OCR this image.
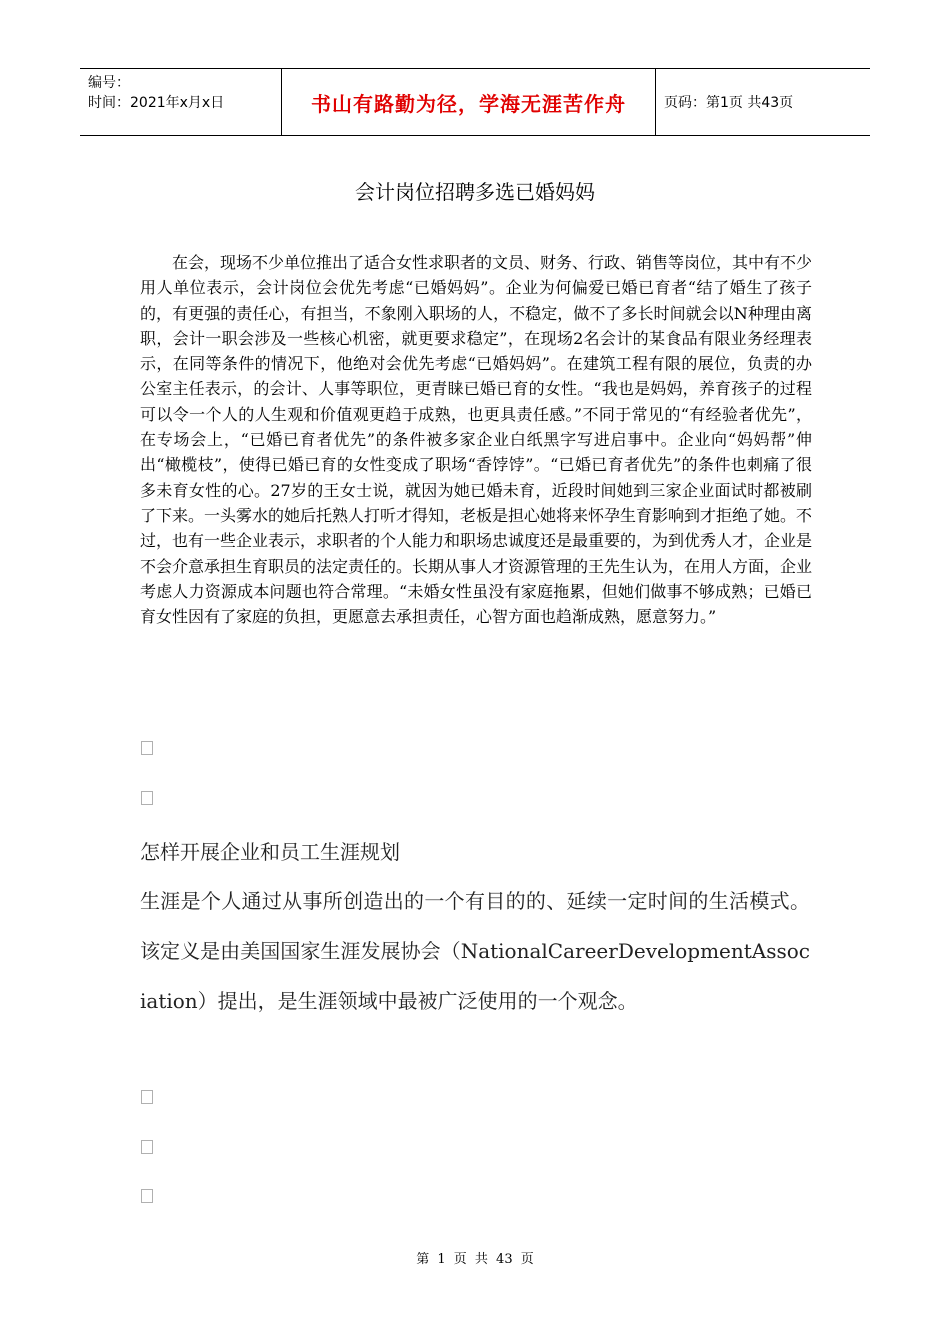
编号：
时间：2021年x月x日	书山有路勤为径，学海无涯苦作舟	页码：第1页 共43页
会计岗位招聘多选已婚妈妈

在会，现场不少单位推出了适合女性求职者的文员、财务、行政、销售等岗位，其中有不少用人单位表示，会计岗位会优先考虑“已婚妈妈”。企业为何偏爱已婚已育者“结了婚生了孩子的，有更强的责任心，有担当，不象刚入职场的人，不稳定，做不了多长时间就会以N种理由离职，会计一职会涉及一些核心机密，就更要求稳定”，在现场2名会计的某食品有限业务经理表示，在同等条件的情况下，他绝对会优先考虑“已婚妈妈”。在建筑工程有限的展位，负责的办公室主任表示，的会计、人事等职位，更青睐已婚已育的女性。“我也是妈妈，养育孩子的过程可以令一个人的人生观和价值观更趋于成熟，也更具责任感。”不同于常见的“有经验者优先”，在专场会上，“已婚已育者优先”的条件被多家企业白纸黑字写进启事中。企业向“妈妈帮”伸出“橄榄枝”，使得已婚已育的女性变成了职场“香饽饽”。“已婚已育者优先”的条件也刺痛了很多未育女性的心。27岁的王女士说，就因为她已婚未育，近段时间她到三家企业面试时都被刷了下来。一头雾水的她后托熟人打听才得知，老板是担心她将来怀孕生育影响到才拒绝了她。不过，也有一些企业表示，求职者的个人能力和职场忠诚度还是最重要的，为到优秀人才，企业是不会介意承担生育职员的法定责任的。长期从事人才资源管理的王先生认为，在用人方面，企业考虑人力资源成本问题也符合常理。“未婚女性虽没有家庭拖累，但她们做事不够成熟；已婚已育女性因有了家庭的负担，更愿意去承担责任，心智方面也趋渐成熟，愿意努力。”

怎样开展企业和员工生涯规划

生涯是个人通过从事所创造出的一个有目的的、延续一定时间的生活模式。该定义是由美国国家生涯发展协会（NationalCareerDevelopmentAssociation）提出，是生涯领域中最被广泛使用的一个观念。

第 1 页 共 43 页
